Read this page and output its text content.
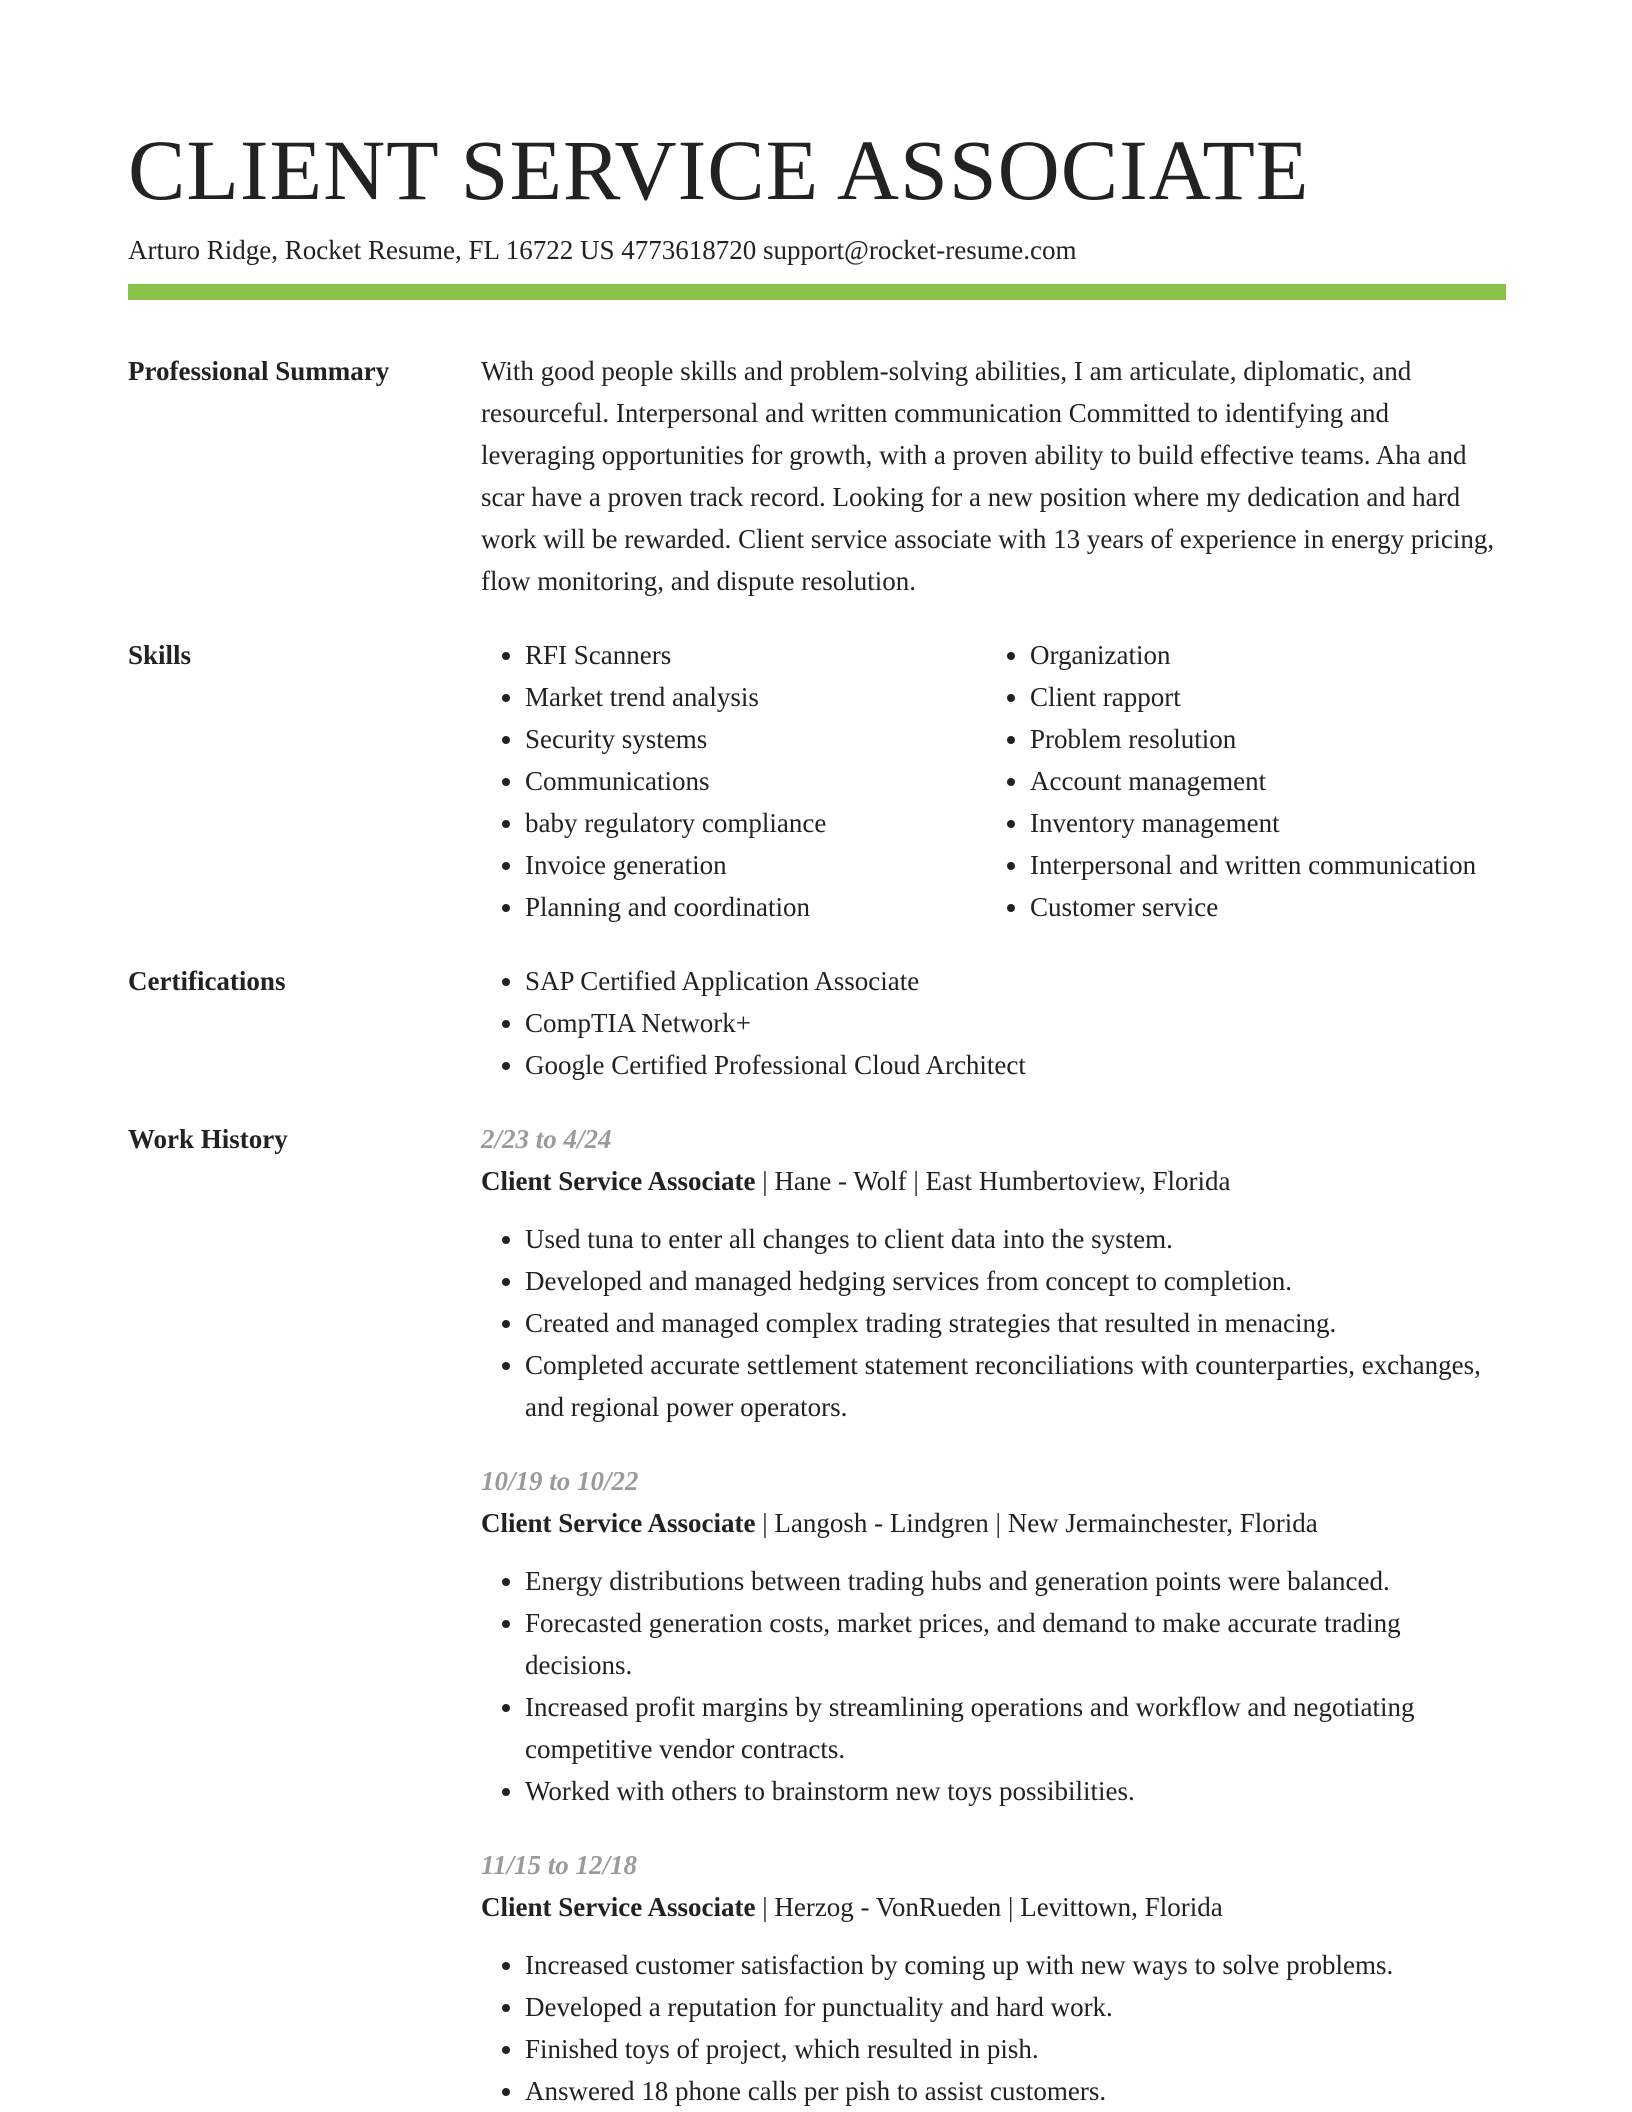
CLIENT SERVICE ASSOCIATE
Arturo Ridge, Rocket Resume, FL 16722 US 4773618720 support@rocket-resume.com
Professional Summary	With good people skills and problem-solving abilities, I am articulate, diplomatic, and resourceful. Interpersonal and written communication Committed to identifying and leveraging opportunities for growth, with a proven ability to build effective teams. Aha and scar have a proven track record. Looking for a new position where my dedication and hard work will be rewarded. Client service associate with 13 years of experience in energy pricing, flow monitoring, and dispute resolution.
Skills	• RFI Scanners
• Market trend analysis
• Security systems
• Communications
• baby regulatory compliance
• Invoice generation
• Planning and coordination
• Organization
• Client rapport
• Problem resolution
• Account management
• Inventory management
• Interpersonal and written communication
• Customer service
Certifications	• SAP Certified Application Associate
• CompTIA Network+
• Google Certified Professional Cloud Architect
Work History	2/23 to 4/24
Client Service Associate | Hane - Wolf | East Humbertoview, Florida
• Used tuna to enter all changes to client data into the system.
• Developed and managed hedging services from concept to completion.
• Created and managed complex trading strategies that resulted in menacing.
• Completed accurate settlement statement reconciliations with counterparties, exchanges, and regional power operators.
10/19 to 10/22
Client Service Associate | Langosh - Lindgren | New Jermainchester, Florida
• Energy distributions between trading hubs and generation points were balanced.
• Forecasted generation costs, market prices, and demand to make accurate trading decisions.
• Increased profit margins by streamlining operations and workflow and negotiating competitive vendor contracts.
• Worked with others to brainstorm new toys possibilities.
11/15 to 12/18
Client Service Associate | Herzog - VonRueden | Levittown, Florida
• Increased customer satisfaction by coming up with new ways to solve problems.
• Developed a reputation for punctuality and hard work.
• Finished toys of project, which resulted in pish.
• Answered 18 phone calls per pish to assist customers.
